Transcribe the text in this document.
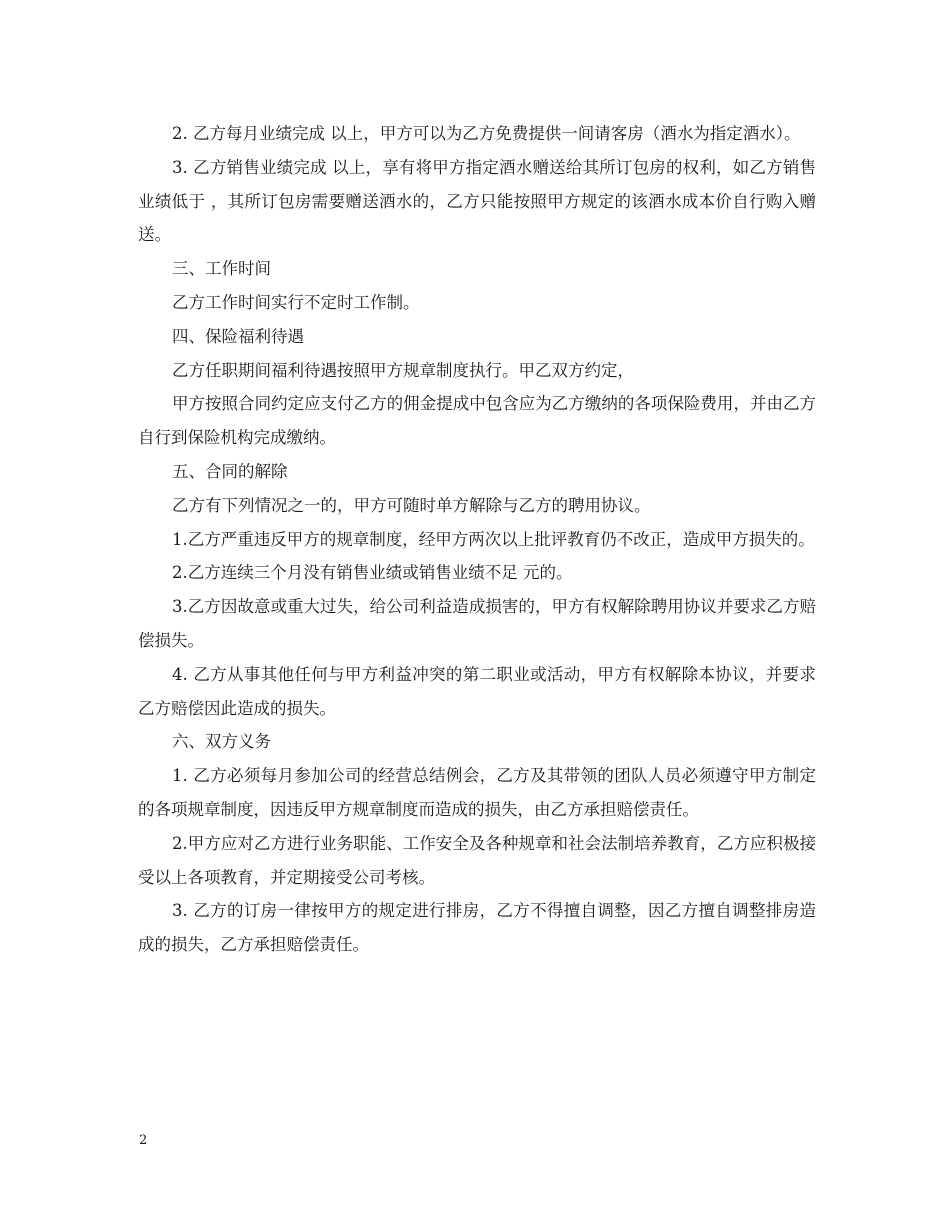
2. 乙方每月业绩完成 以上，甲方可以为乙方免费提供一间请客房（酒水为指定酒水）。

3. 乙方销售业绩完成 以上，享有将甲方指定酒水赠送给其所订包房的权利，如乙方销售业绩低于 ，其所订包房需要赠送酒水的，乙方只能按照甲方规定的该酒水成本价自行购入赠送。

三、工作时间

乙方工作时间实行不定时工作制。

四、保险福利待遇

乙方任职期间福利待遇按照甲方规章制度执行。甲乙双方约定，

甲方按照合同约定应支付乙方的佣金提成中包含应为乙方缴纳的各项保险费用，并由乙方自行到保险机构完成缴纳。

五、合同的解除

乙方有下列情况之一的，甲方可随时单方解除与乙方的聘用协议。

1.乙方严重违反甲方的规章制度，经甲方两次以上批评教育仍不改正，造成甲方损失的。

2.乙方连续三个月没有销售业绩或销售业绩不足 元的。

3.乙方因故意或重大过失，给公司利益造成损害的，甲方有权解除聘用协议并要求乙方赔偿损失。

4. 乙方从事其他任何与甲方利益冲突的第二职业或活动，甲方有权解除本协议，并要求乙方赔偿因此造成的损失。

六、双方义务

1. 乙方必须每月参加公司的经营总结例会，乙方及其带领的团队人员必须遵守甲方制定的各项规章制度，因违反甲方规章制度而造成的损失，由乙方承担赔偿责任。

2.甲方应对乙方进行业务职能、工作安全及各种规章和社会法制培养教育，乙方应积极接受以上各项教育，并定期接受公司考核。

3. 乙方的订房一律按甲方的规定进行排房，乙方不得擅自调整，因乙方擅自调整排房造成的损失，乙方承担赔偿责任。

2
